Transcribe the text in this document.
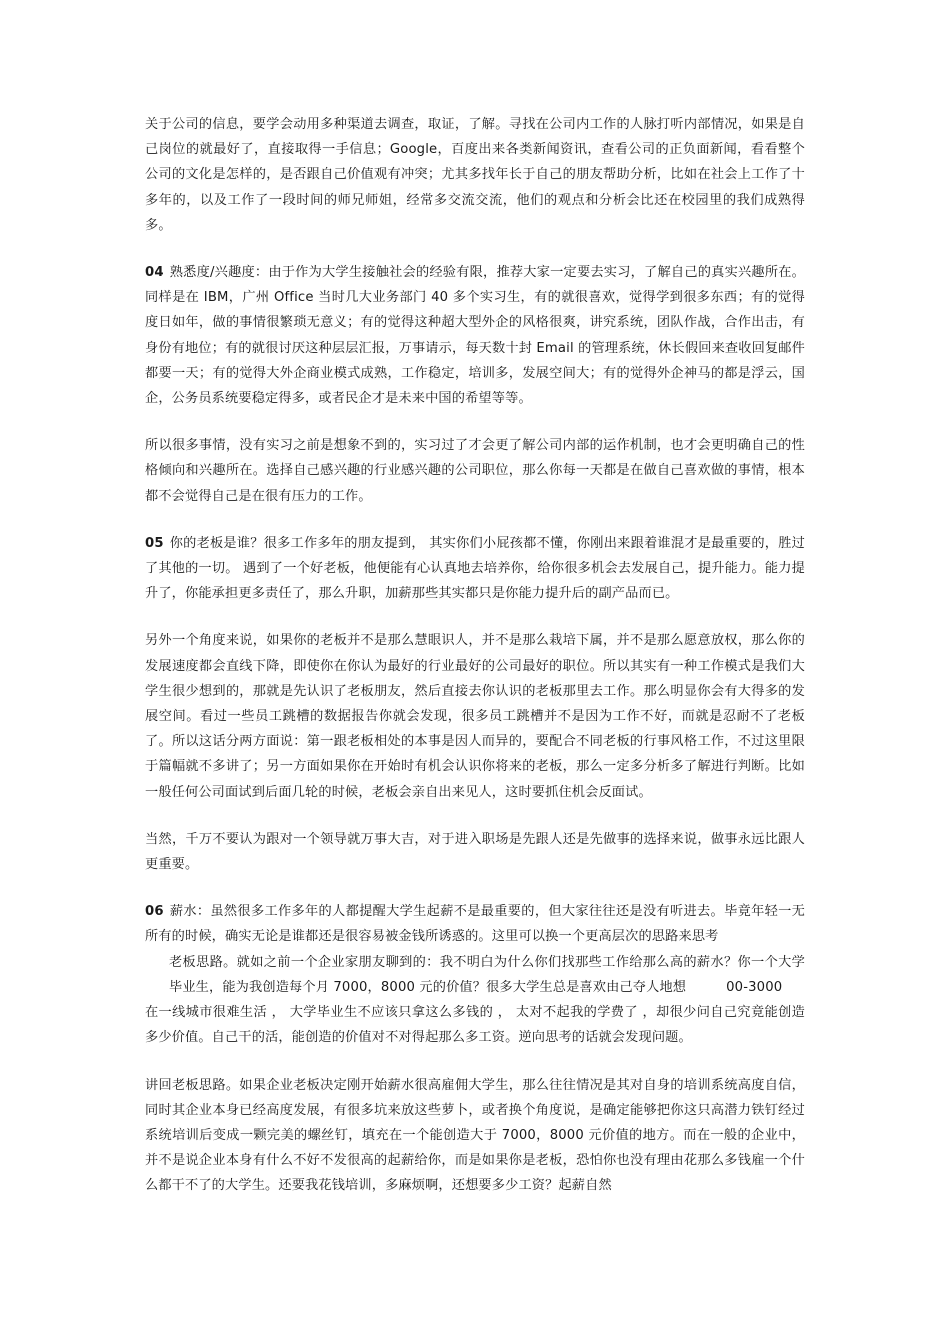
关于公司的信息，要学会动用多种渠道去调查，取证，了解。寻找在公司内工作的人脉打听内部情况，如果是自己岗位的就最好了，直接取得一手信息；Google，百度出来各类新闻资讯，查看公司的正负面新闻，看看整个公司的文化是怎样的，是否跟自己价值观有冲突；尤其多找年长于自己的朋友帮助分析，比如在社会上工作了十多年的，以及工作了一段时间的师兄师姐，经常多交流交流，他们的观点和分析会比还在校园里的我们成熟得多。

04 熟悉度/兴趣度：由于作为大学生接触社会的经验有限，推荐大家一定要去实习，了解自己的真实兴趣所在。同样是在 IBM，广州 Office 当时几大业务部门 40 多个实习生，有的就很喜欢，觉得学到很多东西；有的觉得度日如年，做的事情很繁琐无意义；有的觉得这种超大型外企的风格很爽，讲究系统，团队作战，合作出击，有身份有地位；有的就很讨厌这种层层汇报，万事请示，每天数十封 Email 的管理系统，休长假回来查收回复邮件都要一天；有的觉得大外企商业模式成熟，工作稳定，培训多，发展空间大；有的觉得外企神马的都是浮云，国企，公务员系统要稳定得多，或者民企才是未来中国的希望等等。

所以很多事情，没有实习之前是想象不到的，实习过了才会更了解公司内部的运作机制，也才会更明确自己的性格倾向和兴趣所在。选择自己感兴趣的行业感兴趣的公司职位，那么你每一天都是在做自己喜欢做的事情，根本都不会觉得自己是在很有压力的工作。

05 你的老板是谁？很多工作多年的朋友提到， 其实你们小屁孩都不懂，你刚出来跟着谁混才是最重要的，胜过了其他的一切。 遇到了一个好老板，他便能有心认真地去培养你，给你很多机会去发展自己，提升能力。能力提升了，你能承担更多责任了，那么升职，加薪那些其实都只是你能力提升后的副产品而已。

另外一个角度来说，如果你的老板并不是那么慧眼识人，并不是那么栽培下属，并不是那么愿意放权，那么你的发展速度都会直线下降，即使你在你认为最好的行业最好的公司最好的职位。所以其实有一种工作模式是我们大学生很少想到的，那就是先认识了老板朋友，然后直接去你认识的老板那里去工作。那么明显你会有大得多的发展空间。看过一些员工跳槽的数据报告你就会发现，很多员工跳槽并不是因为工作不好，而就是忍耐不了老板了。所以这话分两方面说：第一跟老板相处的本事是因人而异的，要配合不同老板的行事风格工作，不过这里限于篇幅就不多讲了；另一方面如果你在开始时有机会认识你将来的老板，那么一定多分析多了解进行判断。比如一般任何公司面试到后面几轮的时候，老板会亲自出来见人，这时要抓住机会反面试。

当然，千万不要认为跟对一个领导就万事大吉，对于进入职场是先跟人还是先做事的选择来说，做事永远比跟人更重要。

06 薪水：虽然很多工作多年的人都提醒大学生起薪不是最重要的，但大家往往还是没有听进去。毕竟年轻一无所有的时候，确实无论是谁都还是很容易被金钱所诱惑的。这里可以换一个更高层次的思路来思考
老板思路。就如之前一个企业家朋友聊到的：我不明白为什么你们找那些工作给那么高的薪水？你一个大学毕业生，能为我创造每个月 7000，8000 元的价值？很多大学生总是喜欢由己夺人地想	00‐3000
在一线城市很难生活 ， 大学毕业生不应该只拿这么多钱的 ， 太对不起我的学费了 ，却很少问自己究竟能创造多少价值。自己干的活，能创造的价值对不对得起那么多工资。逆向思考的话就会发现问题。

讲回老板思路。如果企业老板决定刚开始薪水很高雇佣大学生，那么往往情况是其对自身的培训系统高度自信，同时其企业本身已经高度发展，有很多坑来放这些萝卜，或者换个角度说，是确定能够把你这只高潜力铁钉经过系统培训后变成一颗完美的螺丝钉，填充在一个能创造大于 7000，8000 元价值的地方。而在一般的企业中，并不是说企业本身有什么不好不发很高的起薪给你，而是如果你是老板，恐怕你也没有理由花那么多钱雇一个什么都干不了的大学生。还要我花钱培训，多麻烦啊，还想要多少工资？起薪自然
